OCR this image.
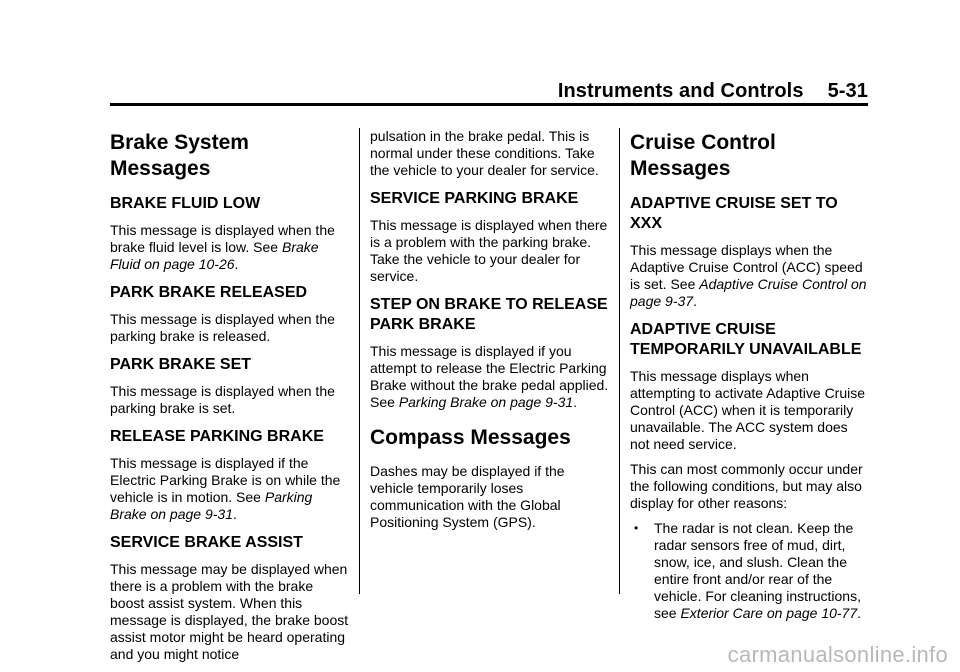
Instruments and Controls 5-31
Brake System Messages
BRAKE FLUID LOW

This message is displayed when the brake fluid level is low. See Brake Fluid on page 10-26.

PARK BRAKE RELEASED

This message is displayed when the parking brake is released.

PARK BRAKE SET

This message is displayed when the parking brake is set.

RELEASE PARKING BRAKE

This message is displayed if the Electric Parking Brake is on while the vehicle is in motion. See Parking Brake on page 9-31.

SERVICE BRAKE ASSIST

This message may be displayed when there is a problem with the brake boost assist system. When this message is displayed, the brake boost assist motor might be heard operating and you might notice

pulsation in the brake pedal. This is normal under these conditions. Take the vehicle to your dealer for service.

SERVICE PARKING BRAKE

This message is displayed when there is a problem with the parking brake. Take the vehicle to your dealer for service.

STEP ON BRAKE TO RELEASE PARK BRAKE

This message is displayed if you attempt to release the Electric Parking Brake without the brake pedal applied. See Parking Brake on page 9-31.

Compass Messages

Dashes may be displayed if the vehicle temporarily loses communication with the Global Positioning System (GPS).

Cruise Control Messages
ADAPTIVE CRUISE SET TO XXX

This message displays when the Adaptive Cruise Control (ACC) speed is set. See Adaptive Cruise Control on page 9-37.

ADAPTIVE CRUISE TEMPORARILY UNAVAILABLE

This message displays when attempting to activate Adaptive Cruise Control (ACC) when it is temporarily unavailable. The ACC system does not need service.

This can most commonly occur under the following conditions, but may also display for other reasons:

• The radar is not clean. Keep the radar sensors free of mud, dirt, snow, ice, and slush. Clean the entire front and/or rear of the vehicle. For cleaning instructions, see Exterior Care on page 10-77.
carmanualsonline.info
